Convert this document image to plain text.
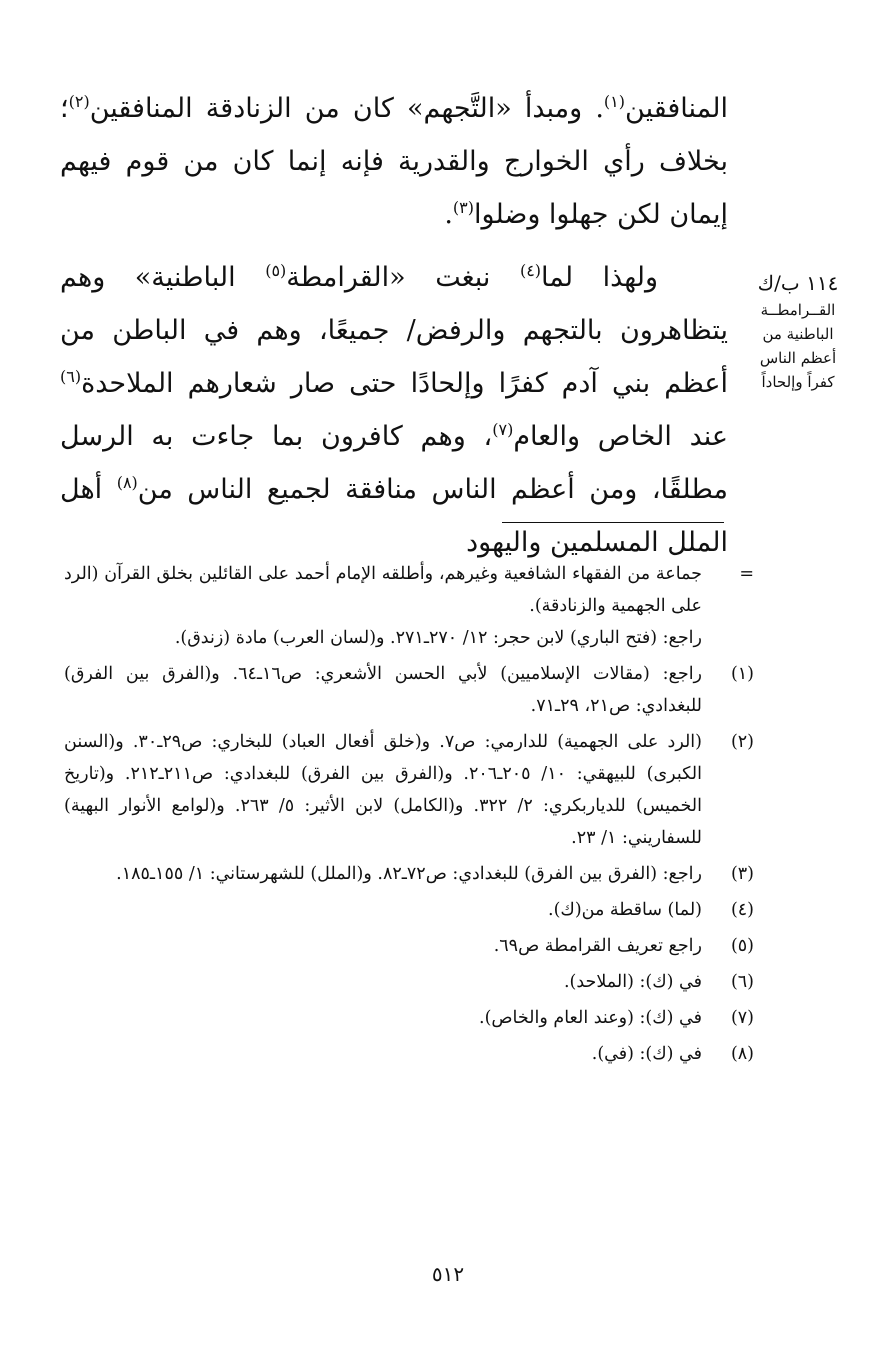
المنافقين$^{(١)}$. ومبدأ «التَّجهم» كان من الزنادقة المنافقين$^{(٢)}$؛ بخلاف رأي الخوارج والقدرية فإنه إنما كان من قوم فيهم إيمان لكن جهلوا وضلوا$^{(٣)}$.

ولهذا لما$^{(٤)}$ نبغت «القرامطة$^{(٥)}$ الباطنية» وهم يتظاهرون بالتجهم والرفض/ جميعًا، وهم في الباطن من أعظم بني آدم كفرًا وإلحادًا حتى صار شعارهم الملاحدة$^{(٦)}$ عند الخاص والعام$^{(٧)}$، وهم كافرون بما جاءت به الرسل مطلقًا، ومن أعظم الناس منافقة لجميع الناس من$^{(٨)}$ أهل الملل المسلمين واليهود

١١٤ ب/ك
القــرامطــة
الباطنية من
أعظم الناس
كفراً وإلحاداً
=

جماعة من الفقهاء الشافعية وغيرهم، وأطلقه الإمام أحمد على القائلين بخلق القرآن (الرد على الجهمية والزنادقة).

راجع: (فتح الباري) لابن حجر: ١٢/ ٢٧٠ـ٢٧١. و(لسان العرب) مادة (زندق).

(١)
راجع: (مقالات الإسلاميين) لأبي الحسن الأشعري: ص١٦ـ٦٤. و(الفرق بين الفرق) للبغدادي: ص٢١، ٢٩ـ٧١.
(٢)
(الرد على الجهمية) للدارمي: ص٧. و(خلق أفعال العباد) للبخاري: ص٢٩ـ٣٠. و(السنن الكبرى) للبيهقي: ١٠/ ٢٠٥ـ٢٠٦. و(الفرق بين الفرق) للبغدادي: ص٢١١ـ٢١٢. و(تاريخ الخميس) للدياربكري: ٢/ ٣٢٢. و(الكامل) لابن الأثير: ٥/ ٢٦٣. و(لوامع الأنوار البهية) للسفاريني: ١/ ٢٣.
(٣)
راجع: (الفرق بين الفرق) للبغدادي: ص٧٢ـ٨٢. و(الملل) للشهرستاني: ١/ ١٥٥ـ١٨٥.
(٤)
(لما) ساقطة من(ك).
(٥)
راجع تعريف القرامطة ص٦٩.
(٦)
في (ك): (الملاحد).
(٧)
في (ك): (وعند العام والخاص).
(٨)
في (ك): (في).
٥١٢
